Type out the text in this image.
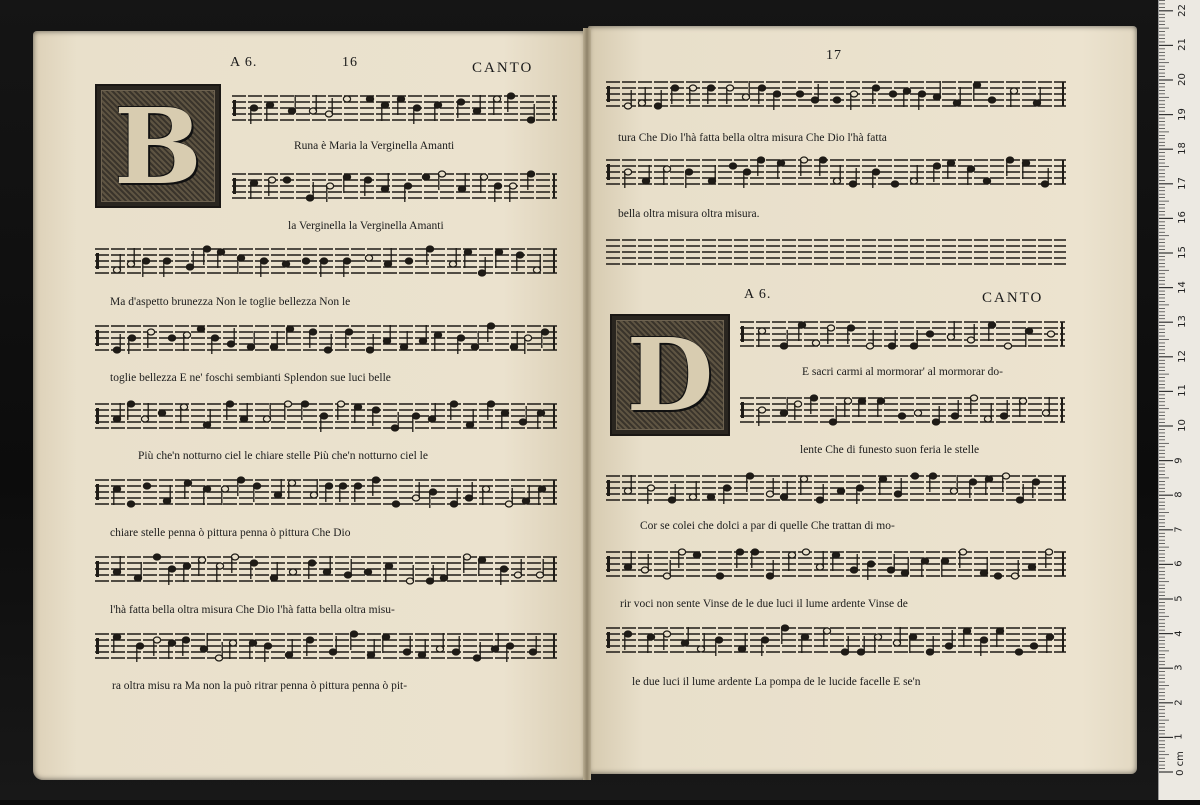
A 6.	16	CANTO
B	Runa è Maria la Verginella Amanti
la Verginella la Verginella Amanti
Ma d'aspetto brunezza Non le toglie bellezza Non le
toglie bellezza E ne' foschi sembianti Splendon sue luci belle
Più che'n notturno ciel le chiare stelle Più che'n notturno ciel le
chiare stelle penna ò pittura penna ò pittura Che Dio
l'hà fatta bella oltra misura Che Dio l'hà fatta bella oltra misu-
ra oltra misu ra Ma non la può ritrar penna ò pittura penna ò pit-
17
tura Che Dio l'hà fatta bella oltra misura Che Dio l'hà fatta
bella oltra misura oltra misura.
A 6.	CANTO
D	E sacri carmi al mormorar' al mormorar do-
lente Che di funesto suon feria le stelle
Cor se colei che dolci a par di quelle Che trattan di mo-
rir voci non sente Vinse de le due luci il lume ardente Vinse de
le due luci il lume ardente La pompa de le lucide facelle E se'n
1
2
3
4
5
6
7
8
9
10
11
12
13
14
15
16
17
18
19
20
21
22
0 cm
